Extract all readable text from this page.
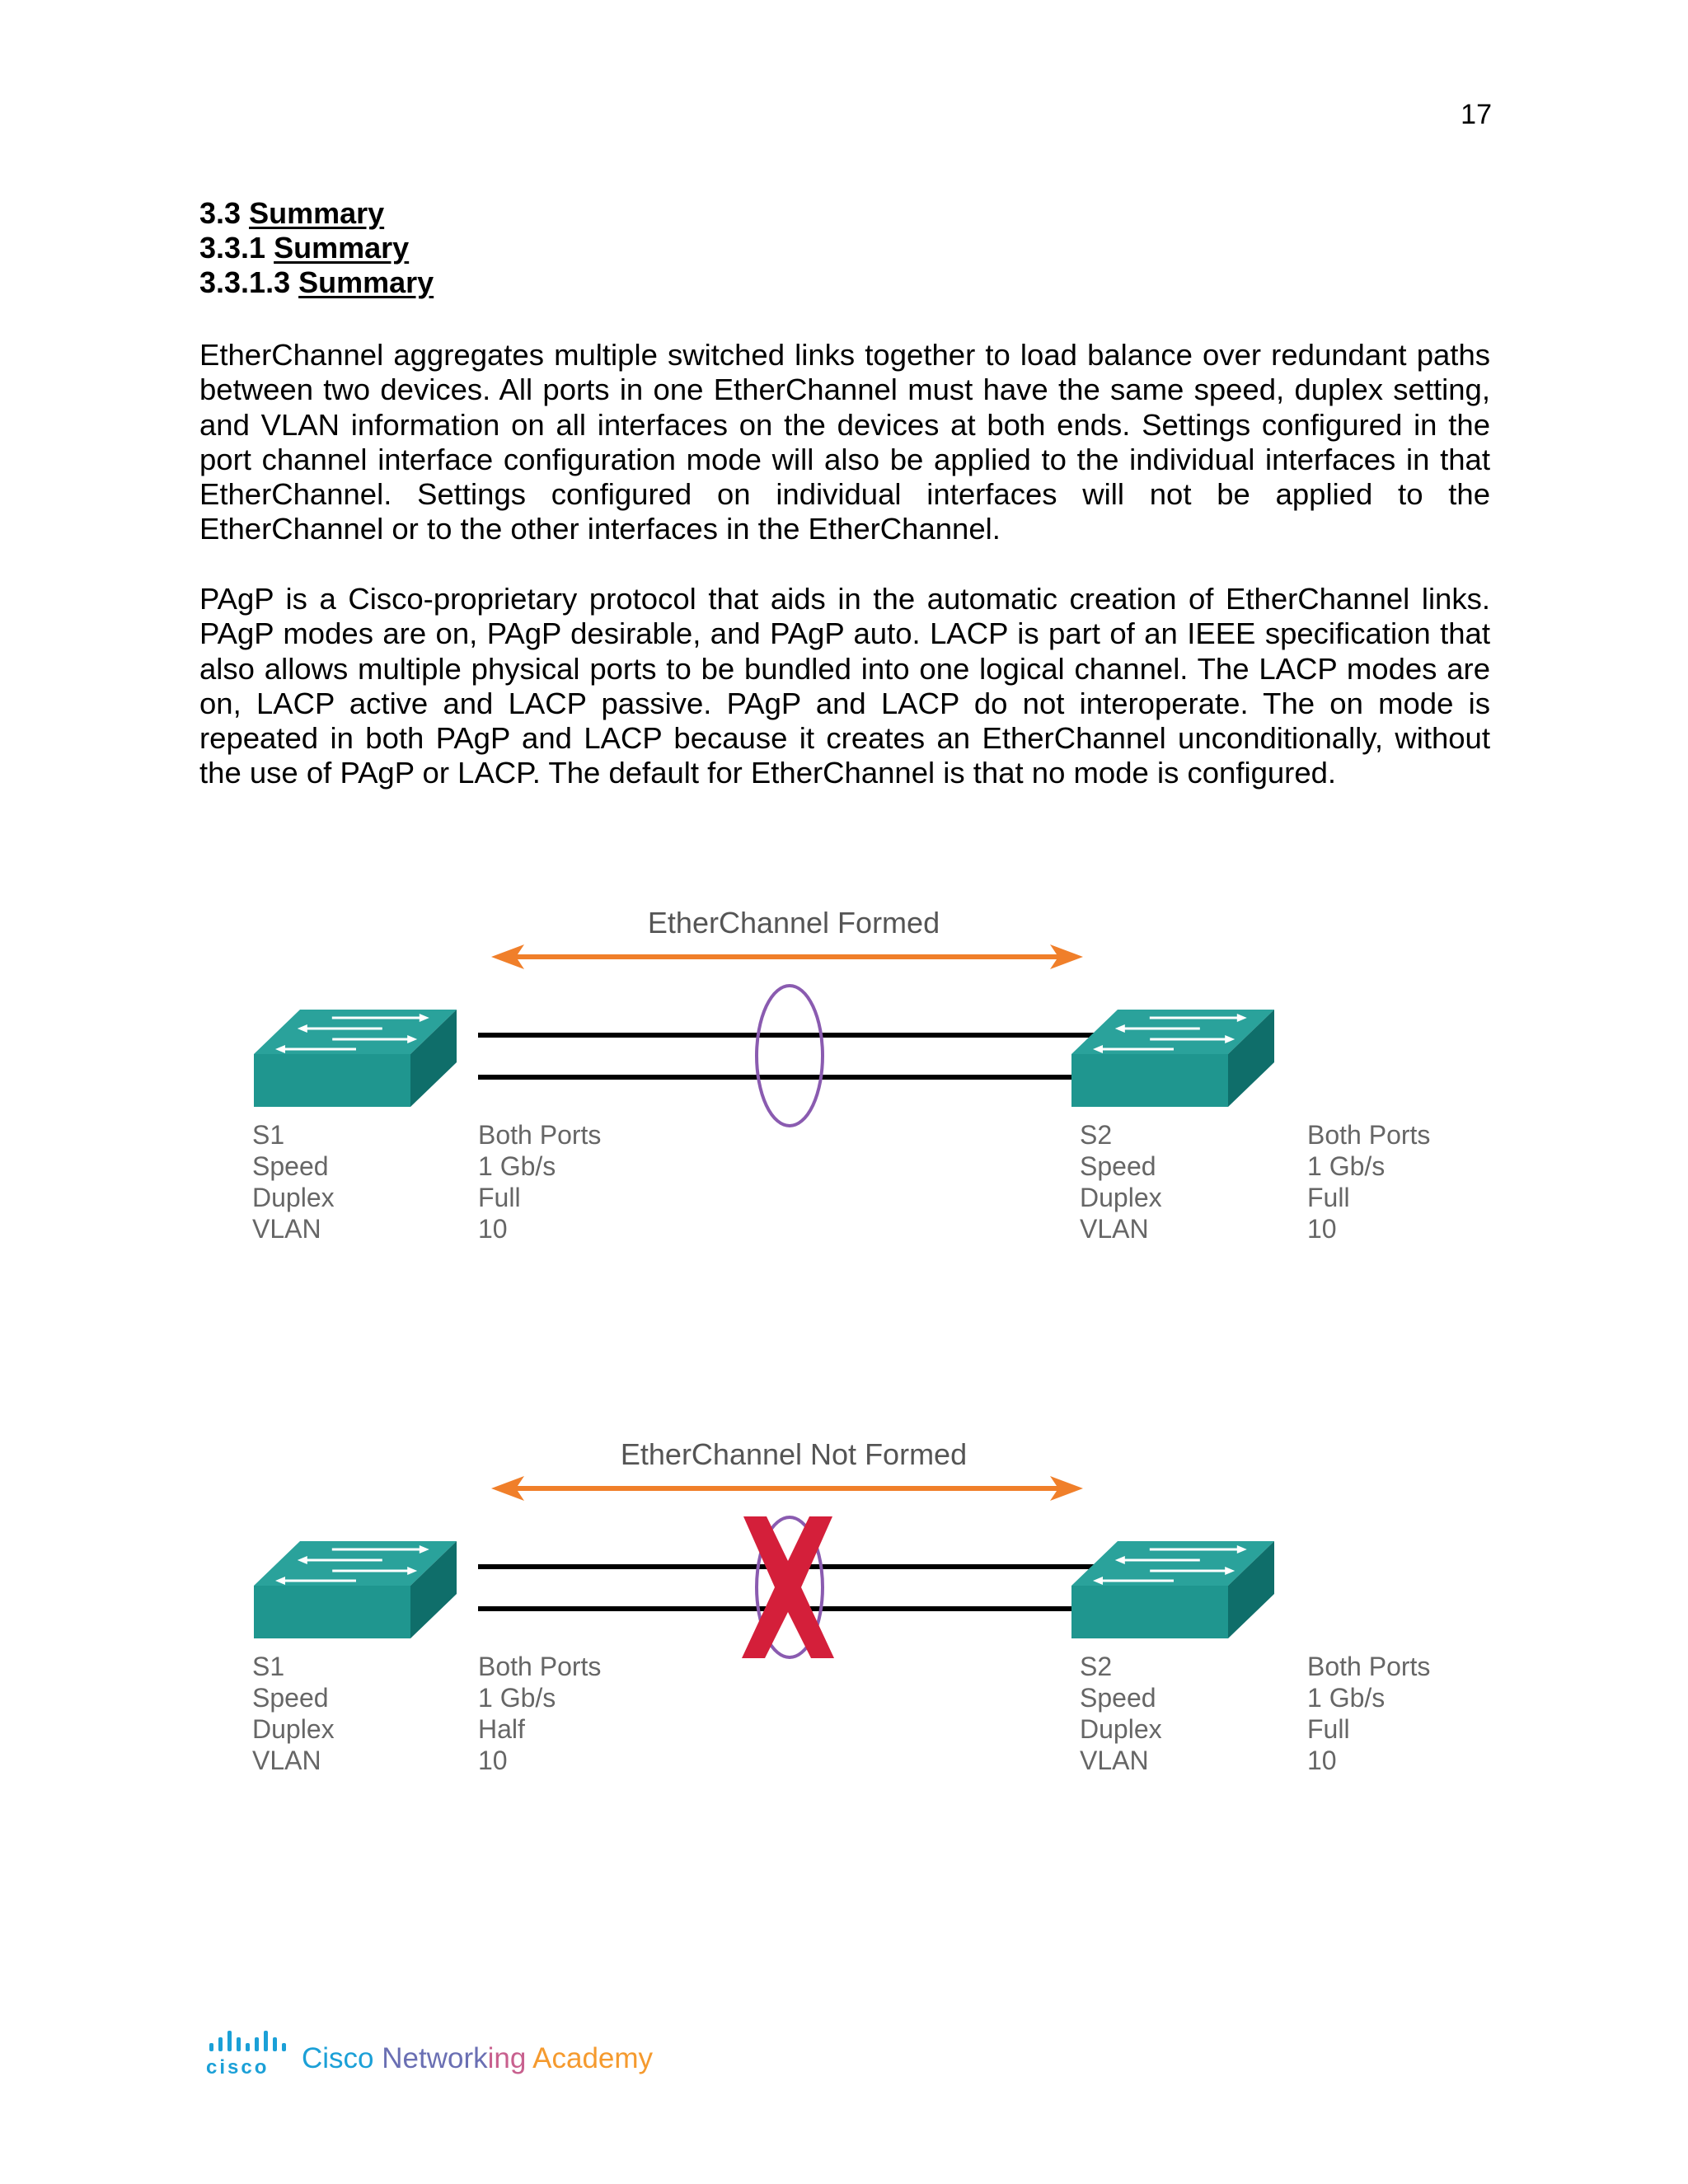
17
3.3 Summary
3.3.1 Summary
3.3.1.3 Summary

EtherChannel aggregates multiple switched links together to load balance over redundant paths between two devices. All ports in one EtherChannel must have the same speed, duplex setting, and VLAN information on all interfaces on the devices at both ends. Settings configured in the port channel interface configuration mode will also be applied to the individual interfaces in that EtherChannel. Settings configured on individual interfaces will not be applied to the EtherChannel or to the other interfaces in the EtherChannel.

PAgP is a Cisco-proprietary protocol that aids in the automatic creation of EtherChannel links. PAgP modes are on, PAgP desirable, and PAgP auto. LACP is part of an IEEE specification that also allows multiple physical ports to be bundled into one logical channel. The LACP modes are on, LACP active and LACP passive. PAgP and LACP do not interoperate. The on mode is repeated in both PAgP and LACP because it creates an EtherChannel unconditionally, without the use of PAgP or LACP. The default for EtherChannel is that no mode is configured.

EtherChannel Formed
S1
Speed
Duplex
VLAN
Both Ports
1 Gb/s
Full
10
S2
Speed
Duplex
VLAN
Both Ports
1 Gb/s
Full
10
EtherChannel Not Formed
S1
Speed
Duplex
VLAN
Both Ports
1 Gb/s
Half
10
S2
Speed
Duplex
VLAN
Both Ports
1 Gb/s
Full
10
cisco Cisco Networking Academy
